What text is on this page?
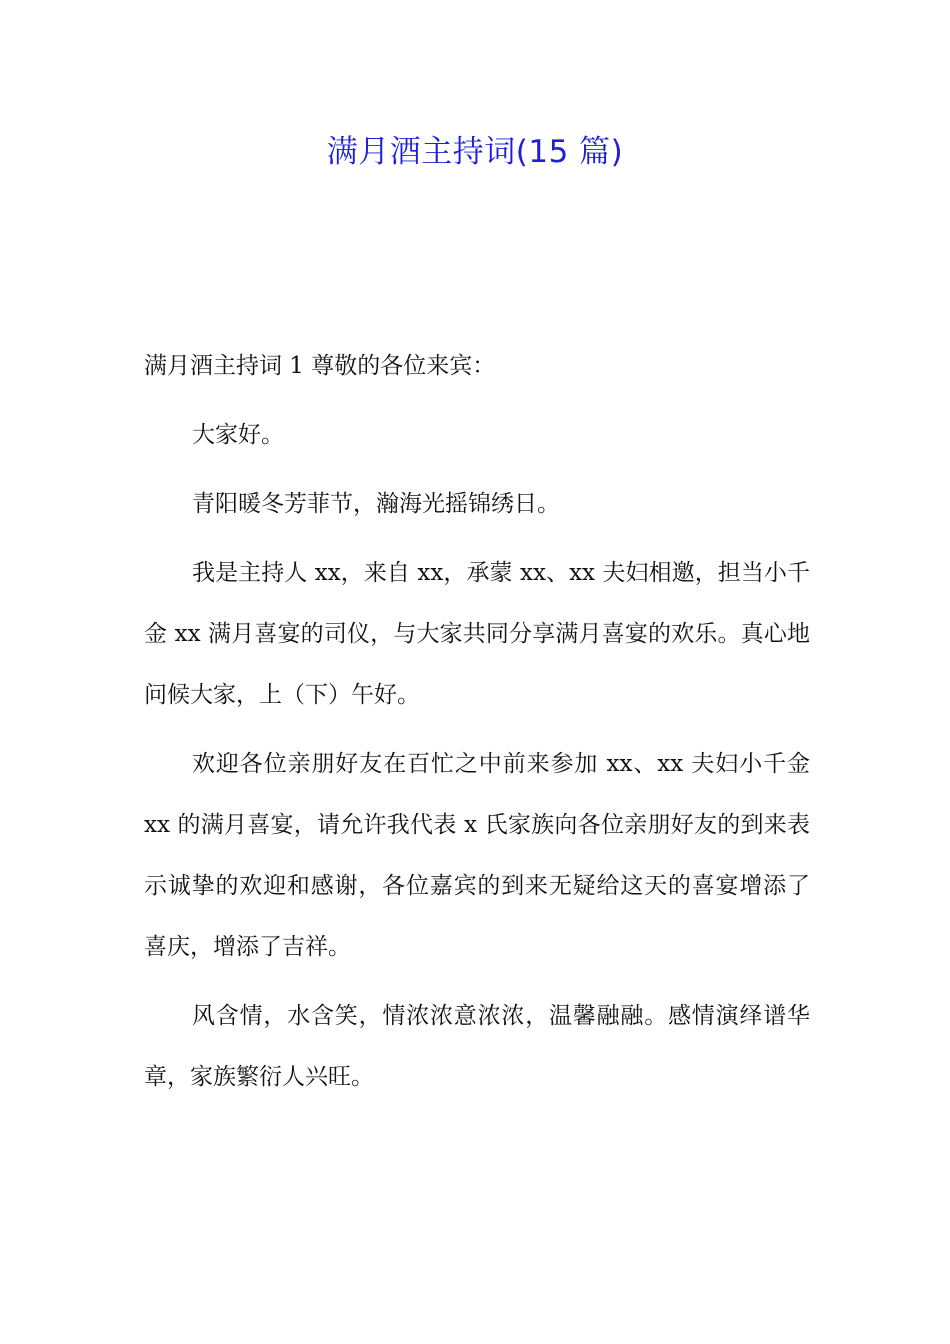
满月酒主持词(15 篇)

满月酒主持词 1 尊敬的各位来宾：

大家好。

青阳暖冬芳菲节，瀚海光摇锦绣日。

我是主持人 xx，来自 xx，承蒙 xx、xx 夫妇相邀，担当小千金 xx 满月喜宴的司仪，与大家共同分享满月喜宴的欢乐。真心地问候大家，上（下）午好。

欢迎各位亲朋好友在百忙之中前来参加 xx、xx 夫妇小千金 xx 的满月喜宴，请允许我代表 x 氏家族向各位亲朋好友的到来表示诚挚的欢迎和感谢，各位嘉宾的到来无疑给这天的喜宴增添了喜庆，增添了吉祥。

风含情，水含笑，情浓浓意浓浓，温馨融融。感情演绎谱华章，家族繁衍人兴旺。
